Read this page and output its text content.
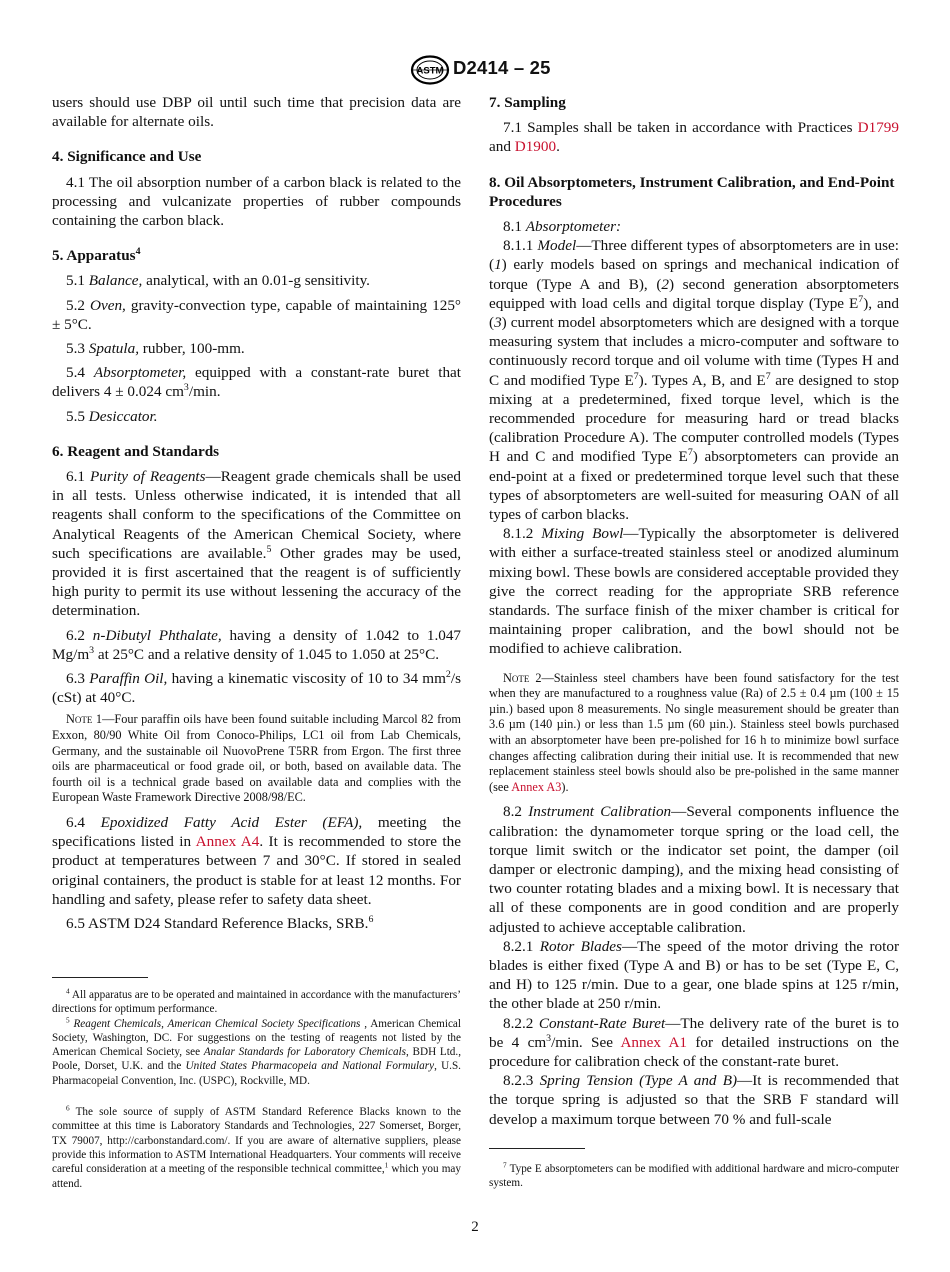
ASTM D2414 – 25

users should use DBP oil until such time that precision data are available for alternate oils.

4. Significance and Use

4.1 The oil absorption number of a carbon black is related to the processing and vulcanizate properties of rubber compounds containing the carbon black.

5. Apparatus$^4$

5.1 Balance, analytical, with an 0.01-g sensitivity.

5.2 Oven, gravity-convection type, capable of maintaining 125° ± 5°C.

5.3 Spatula, rubber, 100-mm.

5.4 Absorptometer, equipped with a constant-rate buret that delivers 4 ± 0.024 $cm^3/\min$.

5.5 Desiccator.

6. Reagent and Standards

6.1 Purity of Reagents—Reagent grade chemicals shall be used in all tests. Unless otherwise indicated, it is intended that all reagents shall conform to the specifications of the Committee on Analytical Reagents of the American Chemical Society, where such specifications are available.$^5$ Other grades may be used, provided it is first ascertained that the reagent is of sufficiently high purity to permit its use without lessening the accuracy of the determination.

6.2 n-Dibutyl Phthalate, having a density of 1.042 to 1.047 $Mg/m^3$ at 25°C and a relative density of 1.045 to 1.050 at 25°C.

6.3 Paraffin Oil, having a kinematic viscosity of 10 to 34 $mm^2/s$ (cSt) at 40°C.

Note 1—Four paraffin oils have been found suitable including Marcol 82 from Exxon, 80/90 White Oil from Conoco-Philips, LC1 oil from Lab Chemicals, Germany, and the sustainable oil NuovoPrene T5RR from Ergon. The first three oils are pharmaceutical or food grade oil, or both, based on available data. The fourth oil is a technical grade based on available data and complies with the European Waste Framework Directive 2008/98/EC.

6.4 Epoxidized Fatty Acid Ester (EFA), meeting the specifications listed in Annex A4. It is recommended to store the product at temperatures between 7 and 30°C. If stored in sealed original containers, the product is stable for at least 12 months. For handling and safety, please refer to safety data sheet.

6.5 ASTM D24 Standard Reference Blacks, SRB.$^6$

$^4$ All apparatus are to be operated and maintained in accordance with the manufacturers’ directions for optimum performance.

$^5$ Reagent Chemicals, American Chemical Society Specifications , American Chemical Society, Washington, DC. For suggestions on the testing of reagents not listed by the American Chemical Society, see Analar Standards for Laboratory Chemicals, BDH Ltd., Poole, Dorset, U.K. and the United States Pharmacopeia and National Formulary, U.S. Pharmacopeial Convention, Inc. (USPC), Rockville, MD.

$^6$ The sole source of supply of ASTM Standard Reference Blacks known to the committee at this time is Laboratory Standards and Technologies, 227 Somerset, Borger, TX 79007, http://carbonstandard.com/. If you are aware of alternative suppliers, please provide this information to ASTM International Headquarters. Your comments will receive careful consideration at a meeting of the responsible technical committee,$^1$ which you may attend.

7. Sampling

7.1 Samples shall be taken in accordance with Practices D1799 and D1900.

8. Oil Absorptometers, Instrument Calibration, and End-Point Procedures

8.1 Absorptometer:

8.1.1 Model—Three different types of absorptometers are in use: (1) early models based on springs and mechanical indication of torque (Type A and B), (2) second generation absorptometers equipped with load cells and digital torque display (Type $E^7$), and (3) current model absorptometers which are designed with a torque measuring system that includes a micro-computer and software to continuously record torque and oil volume with time (Types H and C and modified Type $E^7$). Types A, B, and $E^7$ are designed to stop mixing at a predetermined, fixed torque level, which is the recommended procedure for measuring hard or tread blacks (calibration Procedure A). The computer controlled models (Types H and C and modified Type $E^7$) absorptometers can provide an end-point at a fixed or predetermined torque level such that these types of absorptometers are well-suited for measuring OAN of all types of carbon blacks.

8.1.2 Mixing Bowl—Typically the absorptometer is delivered with either a surface-treated stainless steel or anodized aluminum mixing bowl. These bowls are considered acceptable provided they give the correct reading for the appropriate SRB reference standards. The surface finish of the mixer chamber is critical for maintaining proper calibration, and the bowl should not be modified to achieve calibration.

Note 2—Stainless steel chambers have been found satisfactory for the test when they are manufactured to a roughness value (Ra) of 2.5 ± 0.4 µm (100 ± 15 µin.) based upon 8 measurements. No single measurement should be greater than 3.6 µm (140 µin.) or less than 1.5 µm (60 µin.). Stainless steel bowls purchased with an absorptometer have been pre-polished for 16 h to minimize bowl surface changes affecting calibration during their initial use. It is recommended that new replacement stainless steel bowls should also be pre-polished in the same manner (see Annex A3).

8.2 Instrument Calibration—Several components influence the calibration: the dynamometer torque spring or the load cell, the torque limit switch or the indicator set point, the damper (oil damper or electronic damping), and the mixing head consisting of two counter rotating blades and a mixing bowl. It is necessary that all of these components are in good condition and are properly adjusted to achieve acceptable calibration.

8.2.1 Rotor Blades—The speed of the motor driving the rotor blades is either fixed (Type A and B) or has to be set (Type E, C, and H) to 125 r/min. Due to a gear, one blade spins at 125 r/min, the other blade at 250 r/min.

8.2.2 Constant-Rate Buret—The delivery rate of the buret is to be 4 $cm^3/\min$. See Annex A1 for detailed instructions on the procedure for calibration check of the constant-rate buret.

8.2.3 Spring Tension (Type A and B)—It is recommended that the torque spring is adjusted so that the SRB F standard will develop a maximum torque between 70 % and full-scale

$^7$ Type E absorptometers can be modified with additional hardware and micro-computer system.

2
